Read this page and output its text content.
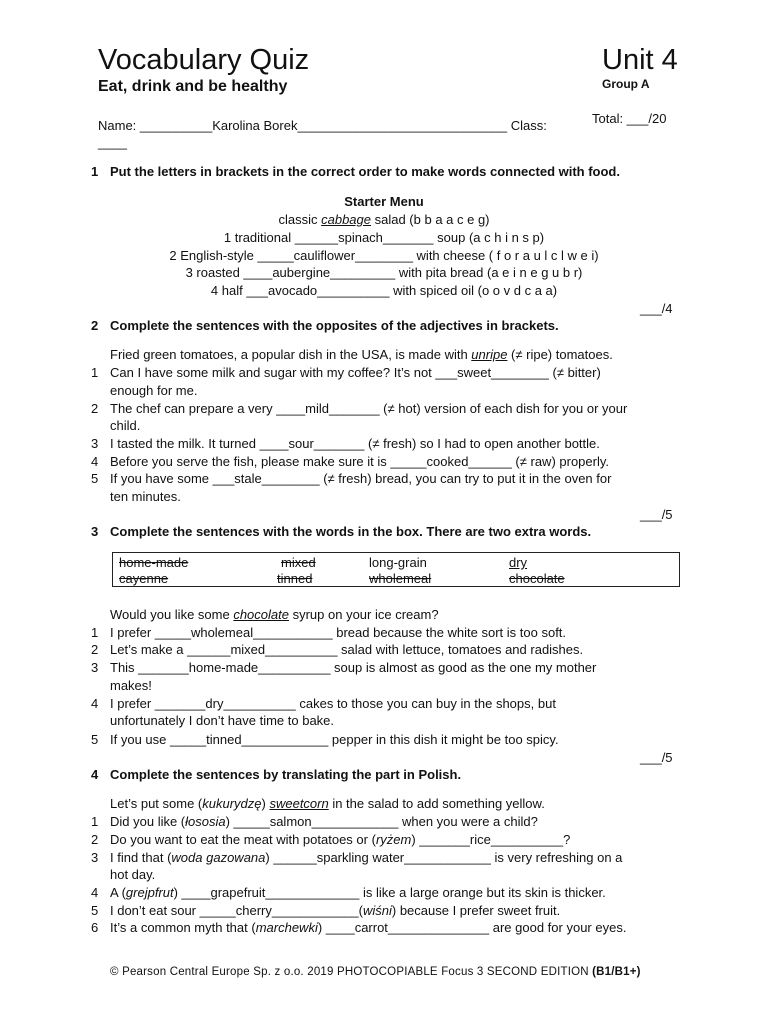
Vocabulary Quiz
Eat, drink and be healthy
Unit 4
Group A
Total: ___/20
Name: __________Karolina Borek_____________________________ Class:
____
1 Put the letters in brackets in the correct order to make words connected with food.
Starter Menu
classic cabbage salad (b b a a c e g)
1 traditional ______spinach_______ soup (a c h i n s p)
2 English-style _____cauliflower________ with cheese ( f o r a u l c l w e i)
3 roasted ____aubergine_________ with pita bread (a e i n e g u b r)
4 half ___avocado__________ with spiced oil (o o v d c a a)
___/4
2 Complete the sentences with the opposites of the adjectives in brackets.
Fried green tomatoes, a popular dish in the USA, is made with unripe (≠ ripe) tomatoes.
1 Can I have some milk and sugar with my coffee? It’s not ___sweet________ (≠ bitter)
enough for me.
2 The chef can prepare a very ____mild_______ (≠ hot) version of each dish for you or your
child.
3 I tasted the milk. It turned ____sour_______ (≠ fresh) so I had to open another bottle.
4 Before you serve the fish, please make sure it is _____cooked______ (≠ raw) properly.
5 If you have some ___stale________ (≠ fresh) bread, you can try to put it in the oven for
ten minutes.
___/5
3 Complete the sentences with the words in the box. There are two extra words.
home-made	mixed	long-grain	dry
cayenne	tinned	wholemeal	chocolate
Would you like some chocolate syrup on your ice cream?
1 I prefer _____wholemeal___________ bread because the white sort is too soft.
2 Let’s make a ______mixed__________ salad with lettuce, tomatoes and radishes.
3 This _______home-made__________ soup is almost as good as the one my mother
makes!
4 I prefer _______dry__________ cakes to those you can buy in the shops, but
unfortunately I don’t have time to bake.
5 If you use _____tinned____________ pepper in this dish it might be too spicy.
___/5
4 Complete the sentences by translating the part in Polish.
Let’s put some (kukurydzę) sweetcorn in the salad to add something yellow.
1 Did you like (łososia) _____salmon____________ when you were a child?
2 Do you want to eat the meat with potatoes or (ryżem) _______rice__________?
3 I find that (woda gazowana) ______sparkling water____________ is very refreshing on a
hot day.
4 A (grejpfrut) ____grapefruit_____________ is like a large orange but its skin is thicker.
5 I don’t eat sour _____cherry____________(wiśni) because I prefer sweet fruit.
6 It’s a common myth that (marchewki) ____carrot______________ are good for your eyes.
© Pearson Central Europe Sp. z o.o. 2019 PHOTOCOPIABLE Focus 3 SECOND EDITION (B1/B1+)
